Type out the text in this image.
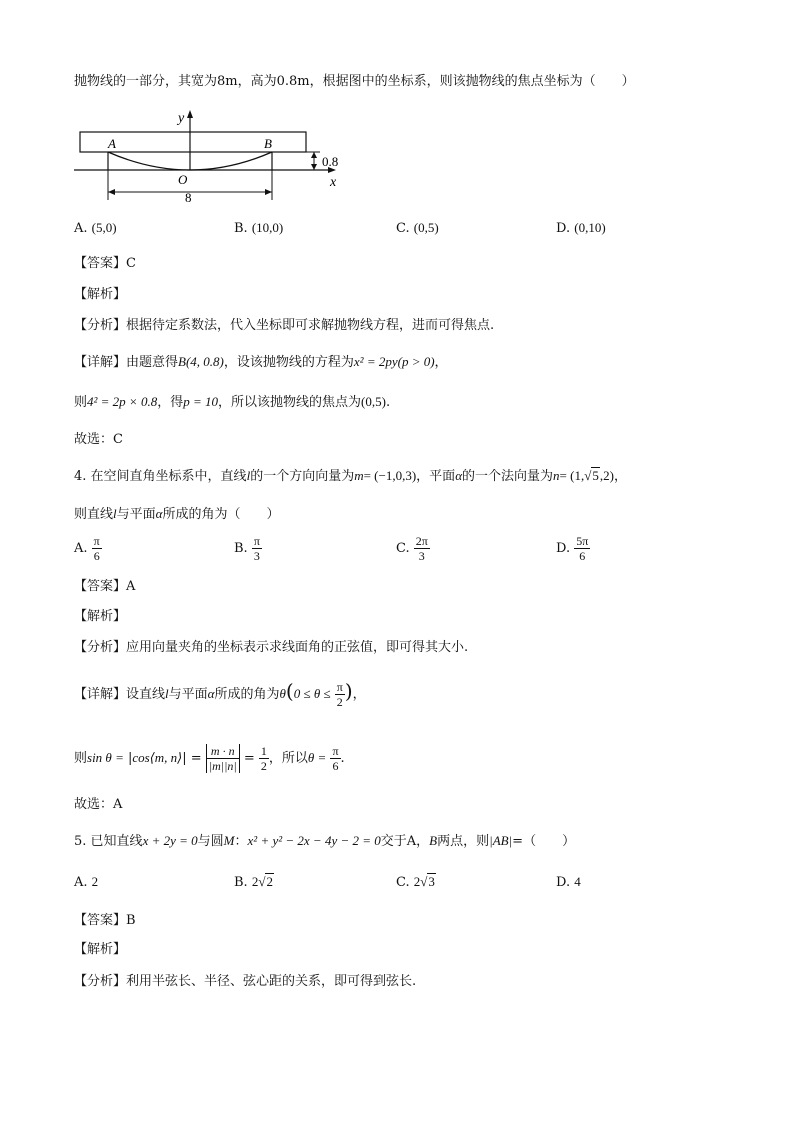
抛物线的一部分，其宽为8m，高为0.8m，根据图中的坐标系，则该抛物线的焦点坐标为（　　）
y
x
A	B
O
0.8
8
A. (5,0)	B. (10,0)	C. (0,5)	D. (0,10)
【答案】C
【解析】
【分析】根据待定系数法，代入坐标即可求解抛物线方程，进而可得焦点.
【详解】由题意得B(4, 0.8)，设该抛物线的方程为x² = 2py(p > 0)，
则4² = 2p × 0.8，得p = 10，所以该抛物线的焦点为(0,5).
故选：C
4. 在空间直角坐标系中，直线l的一个方向向量为m= (−1,0,3)，平面α的一个法向量为n= (1,√5,2)，
则直线l与平面α所成的角为（　　）
A. $\frac{\pi}{6}$	B. $\frac{\pi}{3}$	C. $\frac{2\pi}{3}$	D. $\frac{5\pi}{6}$
【答案】A
【解析】
【分析】应用向量夹角的坐标表示求线面角的正弦值，即可得其大小.
【详解】设直线l与平面α所成的角为$\theta(0 \le \theta \le \frac{\pi}{2}$ )，
则sin θ = |cos⟨m, n⟩| = $\frac{m \cdot n}{|m||n|} = \frac{1}{2}$ ，所以$\theta = \frac{\pi}{6}$ .
故选：A
5. 已知直线x + 2y = 0与圆M：x² + y² − 2x − 4y − 2 = 0交于A，B两点，则|AB|=（　　）
A. 2	B. 2√2	C. 2√3	D. 4
【答案】B
【解析】
【分析】利用半弦长、半径、弦心距的关系，即可得到弦长.
